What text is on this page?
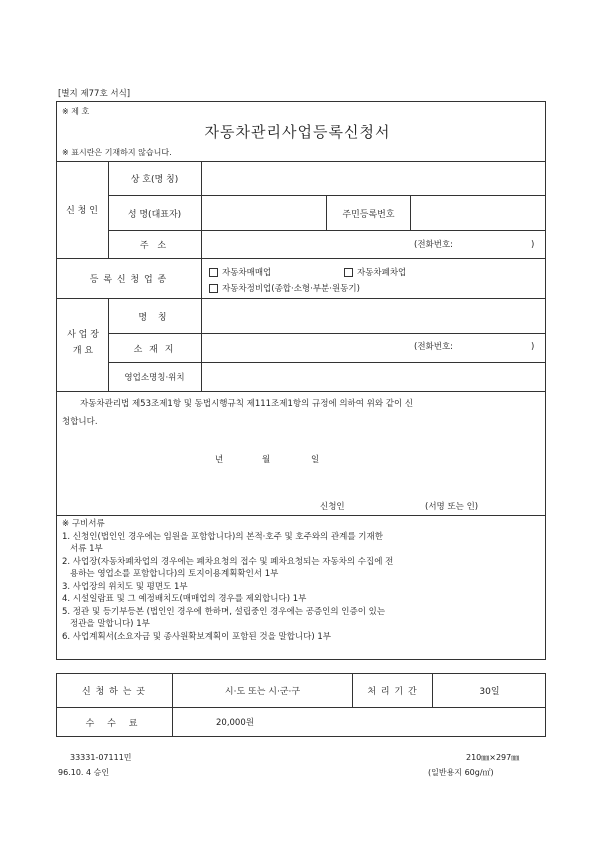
[별지 제77호 서식]
※ 제 호
자동차관리사업등록신청서
※ 표시란은 기재하지 않습니다.
신 청 인
상 호(명 칭)
성 명(대표자)	주민등록번호
주 소	(전화번호:	)
등 록 신 청 업 종
자동차매매업	자동차폐차업
자동차정비업(종합·소형·부분·원동기)
사 업 장
개 요
명 칭
소 재 지	(전화번호:	)
영업소명칭·위치
자동차관리법 제53조제1항 및 동법시행규칙 제111조제1항의 규정에 의하여 위와 같이 신
청합니다.
년	월	일
신청인	(서명 또는 인)
※ 구비서류
1. 신청인(법인인 경우에는 임원을 포함합니다)의 본적·호주 및 호주와의 관계를 기재한
서류 1부
2. 사업장(자동차폐차업의 경우에는 폐차요청의 접수 및 폐차요청되는 자동차의 수집에 전
용하는 영업소를 포함합니다)의 토지이용계획확인서 1부
3. 사업장의 위치도 및 평면도 1부
4. 시설일람표 및 그 예정배치도(매매업의 경우를 제외합니다) 1부
5. 정관 및 등기부등본 (법인인 경우에 한하며, 설립중인 경우에는 공증인의 인증이 있는
정관을 말합니다) 1부
6. 사업계획서(소요자금 및 종사원확보계획이 포함된 것을 말합니다) 1부
신 청 하 는 곳	시·도 또는 시·군·구	처 리 기 간	30일
수 수 료	20,000원
33331-07111민
96.10. 4 승인
210㎜×297㎜
(일반용지 60g/㎡)
